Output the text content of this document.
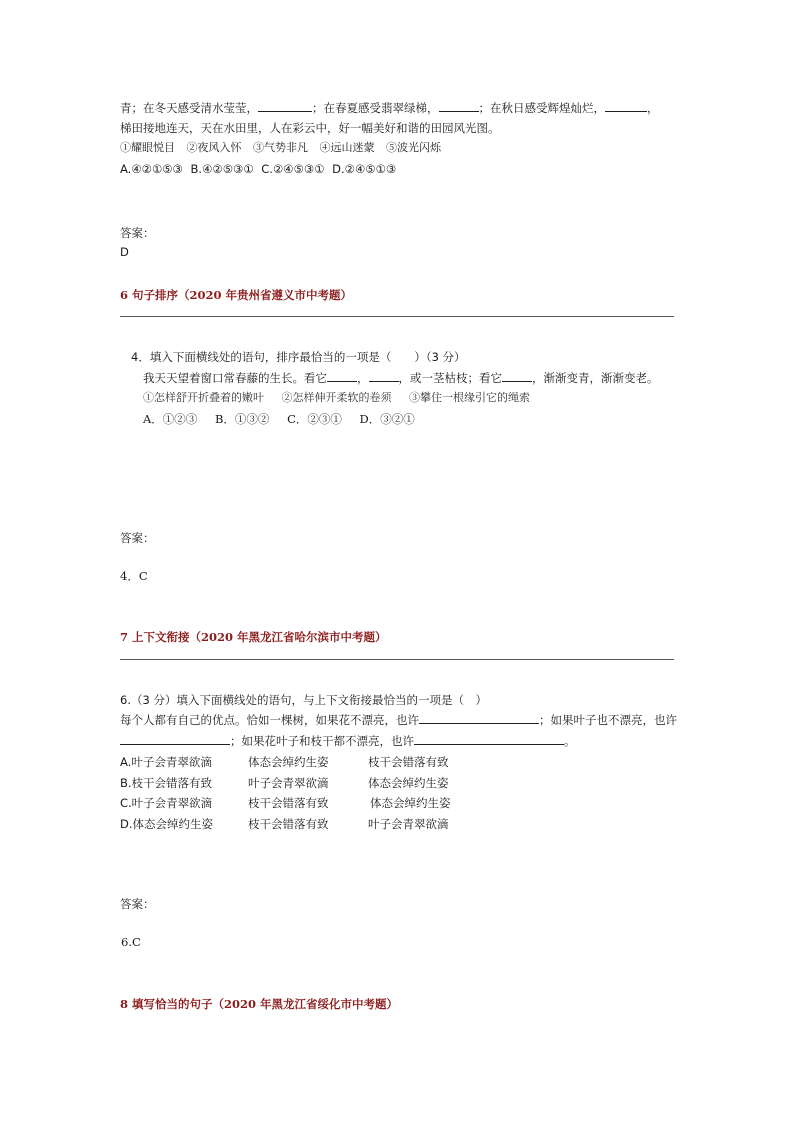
青；在冬天感受清水莹莹，	；在春夏感受翡翠绿梯，	；在秋日感受辉煌灿烂，	，
梯田接地连天，天在水田里，人在彩云中，好一幅美好和谐的田园风光图。
①耀眼悦目 ②夜风入怀 ③气势非凡 ④远山迷蒙 ⑤波光闪烁
A.④②①⑤③ B.④②⑤③① C.②④⑤③① D.②④⑤①③
答案：
D
6 句子排序（2020 年贵州省遵义市中考题）
4．填入下面横线处的语句，排序最恰当的一项是（　　）（3 分）
我天天望着窗口常春藤的生长。看它	，	，或一茎枯枝；看它	，渐渐变青，渐渐变老。
①怎样舒开折叠着的嫩叶 ②怎样伸开柔软的卷须 ③攀住一根缘引它的绳索
A．①②③ B．①③② C．②③① D．③②①
答案：
4．C
7 上下文衔接（2020 年黑龙江省哈尔滨市中考题）
6.（3 分）填入下面横线处的语句，与上下文衔接最恰当的一项是（　）
每个人都有自己的优点。恰如一棵树，如果花不漂亮，也许	；如果叶子也不漂亮，也许
；如果花叶子和枝干都不漂亮，也许	。
A.叶子会青翠欲滴	体态会绰约生姿	枝干会错落有致
B.枝干会错落有致	叶子会青翠欲滴	体态会绰约生姿
C.叶子会青翠欲滴	枝干会错落有致	体态会绰约生姿
D.体态会绰约生姿	枝干会错落有致	叶子会青翠欲滴
答案：
6.C
8 填写恰当的句子（2020 年黑龙江省绥化市中考题）
